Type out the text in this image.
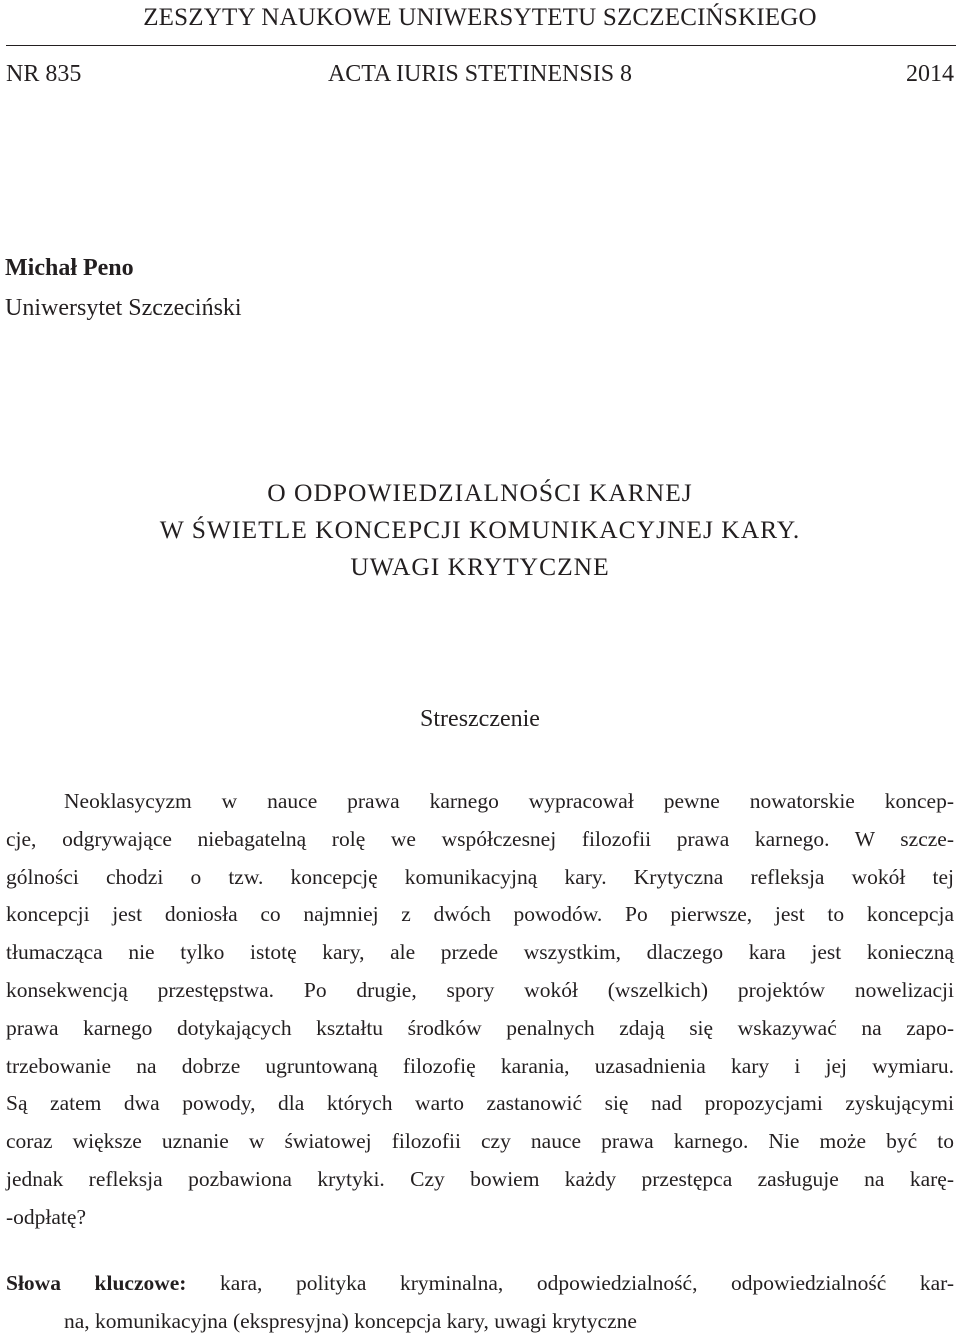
ZESZYTY NAUKOWE UNIWERSYTETU SZCZECIŃSKIEGO
NR 835	ACTA IURIS STETINENSIS 8	2014
Michał Peno
Uniwersytet Szczeciński
O ODPOWIEDZIALNOŚCI KARNEJ
W ŚWIETLE KONCEPCJI KOMUNIKACYJNEJ KARY.
UWAGI KRYTYCZNE
Streszczenie
Neoklasycyzm w nauce prawa karnego wypracował pewne nowatorskie koncep-
cje, odgrywające niebagatelną rolę we współczesnej filozofii prawa karnego. W szcze-
gólności chodzi o tzw. koncepcję komunikacyjną kary. Krytyczna refleksja wokół tej
koncepcji jest doniosła co najmniej z dwóch powodów. Po pierwsze, jest to koncepcja
tłumacząca nie tylko istotę kary, ale przede wszystkim, dlaczego kara jest konieczną
konsekwencją przestępstwa. Po drugie, spory wokół (wszelkich) projektów nowelizacji
prawa karnego dotykających kształtu środków penalnych zdają się wskazywać na zapo-
trzebowanie na dobrze ugruntowaną filozofię karania, uzasadnienia kary i jej wymiaru.
Są zatem dwa powody, dla których warto zastanowić się nad propozycjami zyskującymi
coraz większe uznanie w światowej filozofii czy nauce prawa karnego. Nie może być to
jednak refleksja pozbawiona krytyki. Czy bowiem każdy przestępca zasługuje na karę-
-odpłatę?
Słowa kluczowe: kara, polityka kryminalna, odpowiedzialność, odpowiedzialność kar-
na, komunikacyjna (ekspresyjna) koncepcja kary, uwagi krytyczne
